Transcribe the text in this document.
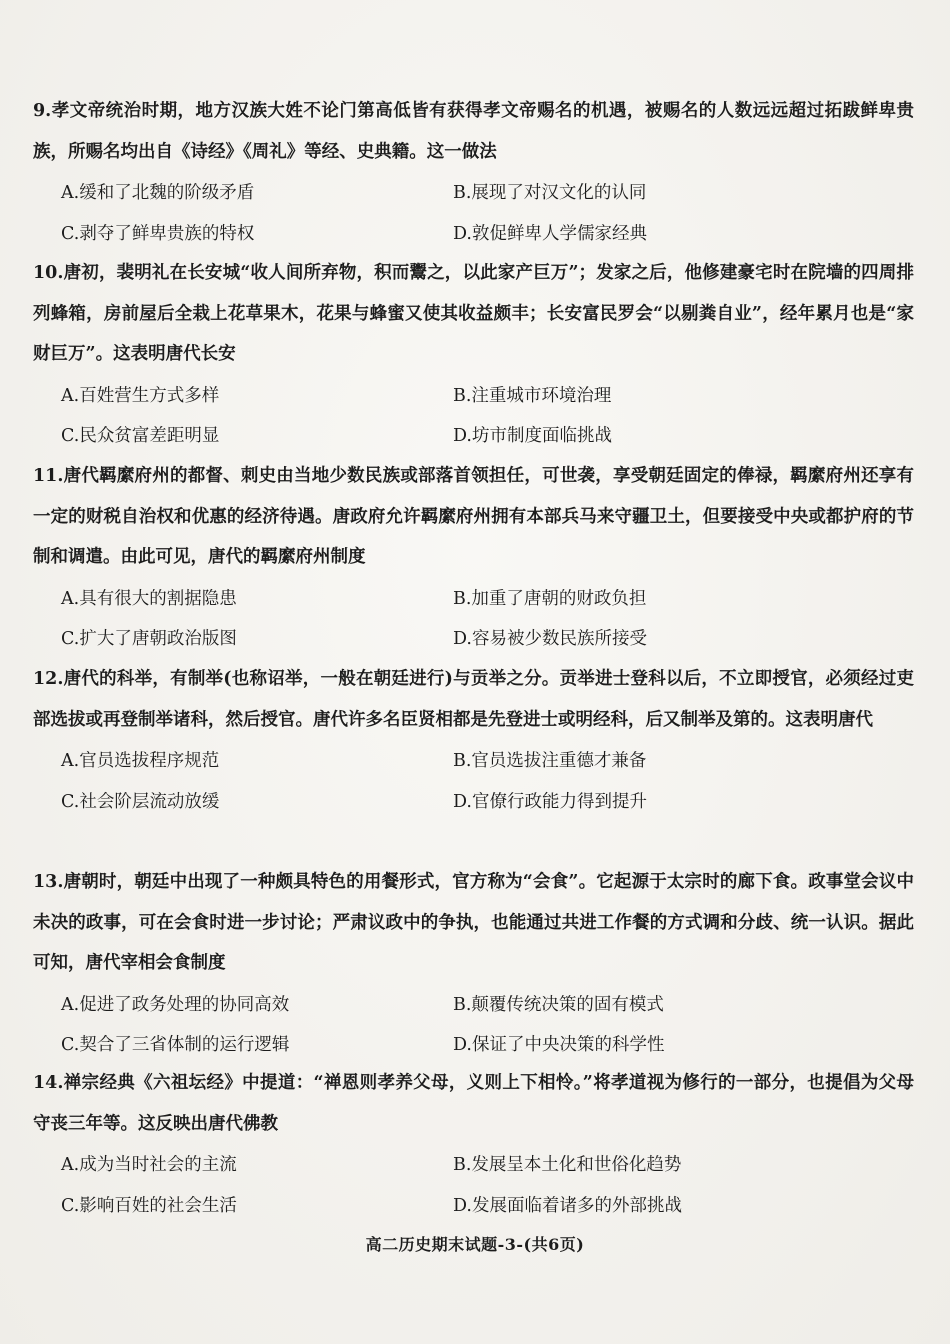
9.孝文帝统治时期，地方汉族大姓不论门第高低皆有获得孝文帝赐名的机遇，被赐名的人数远远超过拓跋鲜卑贵族，所赐名均出自《诗经》《周礼》等经、史典籍。这一做法

A.缓和了北魏的阶级矛盾	B.展现了对汉文化的认同
C.剥夺了鲜卑贵族的特权	D.敦促鲜卑人学儒家经典

10.唐初，裴明礼在长安城“收人间所弃物，积而鬻之，以此家产巨万”；发家之后，他修建豪宅时在院墙的四周排列蜂箱，房前屋后全栽上花草果木，花果与蜂蜜又使其收益颇丰；长安富民罗会“以剔粪自业”，经年累月也是“家财巨万”。这表明唐代长安

A.百姓营生方式多样	B.注重城市环境治理
C.民众贫富差距明显	D.坊市制度面临挑战

11.唐代羁縻府州的都督、刺史由当地少数民族或部落首领担任，可世袭，享受朝廷固定的俸禄，羁縻府州还享有一定的财税自治权和优惠的经济待遇。唐政府允许羁縻府州拥有本部兵马来守疆卫土，但要接受中央或都护府的节制和调遣。由此可见，唐代的羁縻府州制度

A.具有很大的割据隐患	B.加重了唐朝的财政负担
C.扩大了唐朝政治版图	D.容易被少数民族所接受

12.唐代的科举，有制举(也称诏举，一般在朝廷进行)与贡举之分。贡举进士登科以后，不立即授官，必须经过吏部选拔或再登制举诸科，然后授官。唐代许多名臣贤相都是先登进士或明经科，后又制举及第的。这表明唐代

A.官员选拔程序规范	B.官员选拔注重德才兼备
C.社会阶层流动放缓	D.官僚行政能力得到提升

13.唐朝时，朝廷中出现了一种颇具特色的用餐形式，官方称为“会食”。它起源于太宗时的廊下食。政事堂会议中未决的政事，可在会食时进一步讨论；严肃议政中的争执，也能通过共进工作餐的方式调和分歧、统一认识。据此可知，唐代宰相会食制度

A.促进了政务处理的协同高效	B.颠覆传统决策的固有模式
C.契合了三省体制的运行逻辑	D.保证了中央决策的科学性

14.禅宗经典《六祖坛经》中提道：“禅恩则孝养父母，义则上下相怜。”将孝道视为修行的一部分，也提倡为父母守丧三年等。这反映出唐代佛教

A.成为当时社会的主流	B.发展呈本土化和世俗化趋势
C.影响百姓的社会生活	D.发展面临着诸多的外部挑战
高二历史期末试题-3-(共6页)
